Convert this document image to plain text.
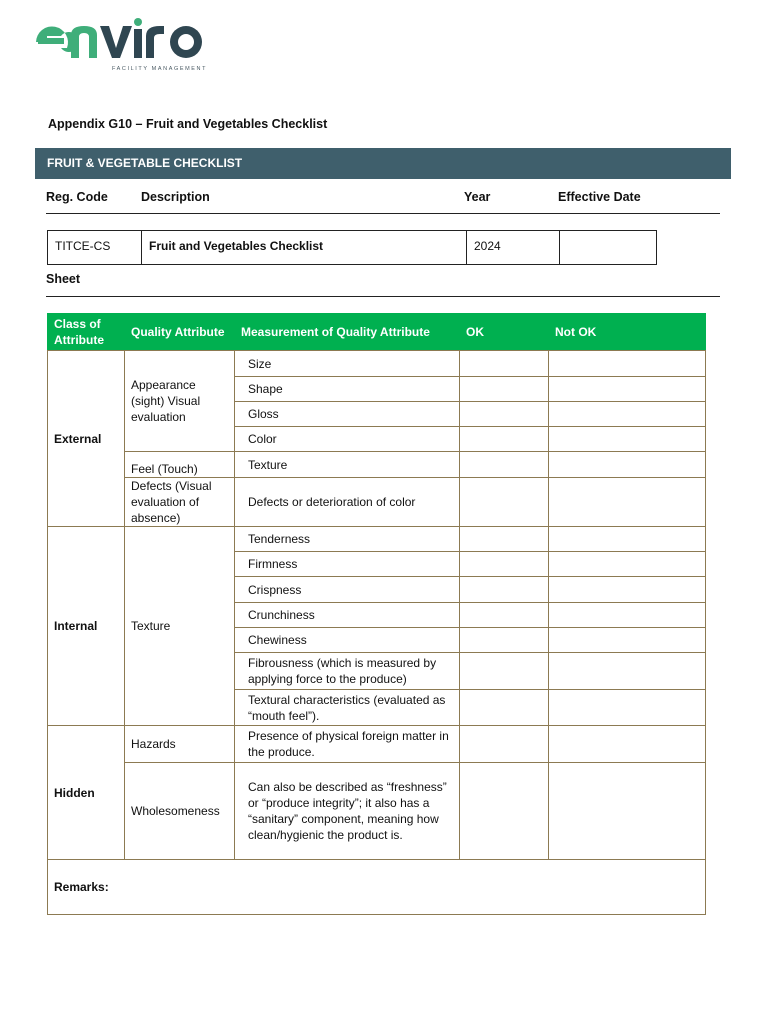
FACILITY MANAGEMENT
Appendix G10 – Fruit and Vegetables Checklist
FRUIT & VEGETABLE CHECKLIST
Reg. Code	Description	Year	Effective Date
TITCE-CS	Fruit and Vegetables Checklist	2024
Sheet
Class of Attribute	Quality Attribute	Measurement of Quality Attribute	OK	Not OK
External	Appearance (sight) Visual evaluation	Size		
		Shape		
		Gloss		
		Color		
	Feel (Touch)	Texture		
	Defects (Visual evaluation of absence)	Defects or deterioration of color		
Internal	Texture	Tenderness		
		Firmness		
		Crispness		
		Crunchiness		
		Chewiness		
		Fibrousness (which is measured by applying force to the produce)		
		Textural characteristics (evaluated as “mouth feel”).		
Hidden	Hazards	Presence of physical foreign matter in the produce.		
	Wholesomeness	Can also be described as “freshness” or “produce integrity”; it also has a “sanitary” component, meaning how clean/hygienic the product is.		
Remarks:				
